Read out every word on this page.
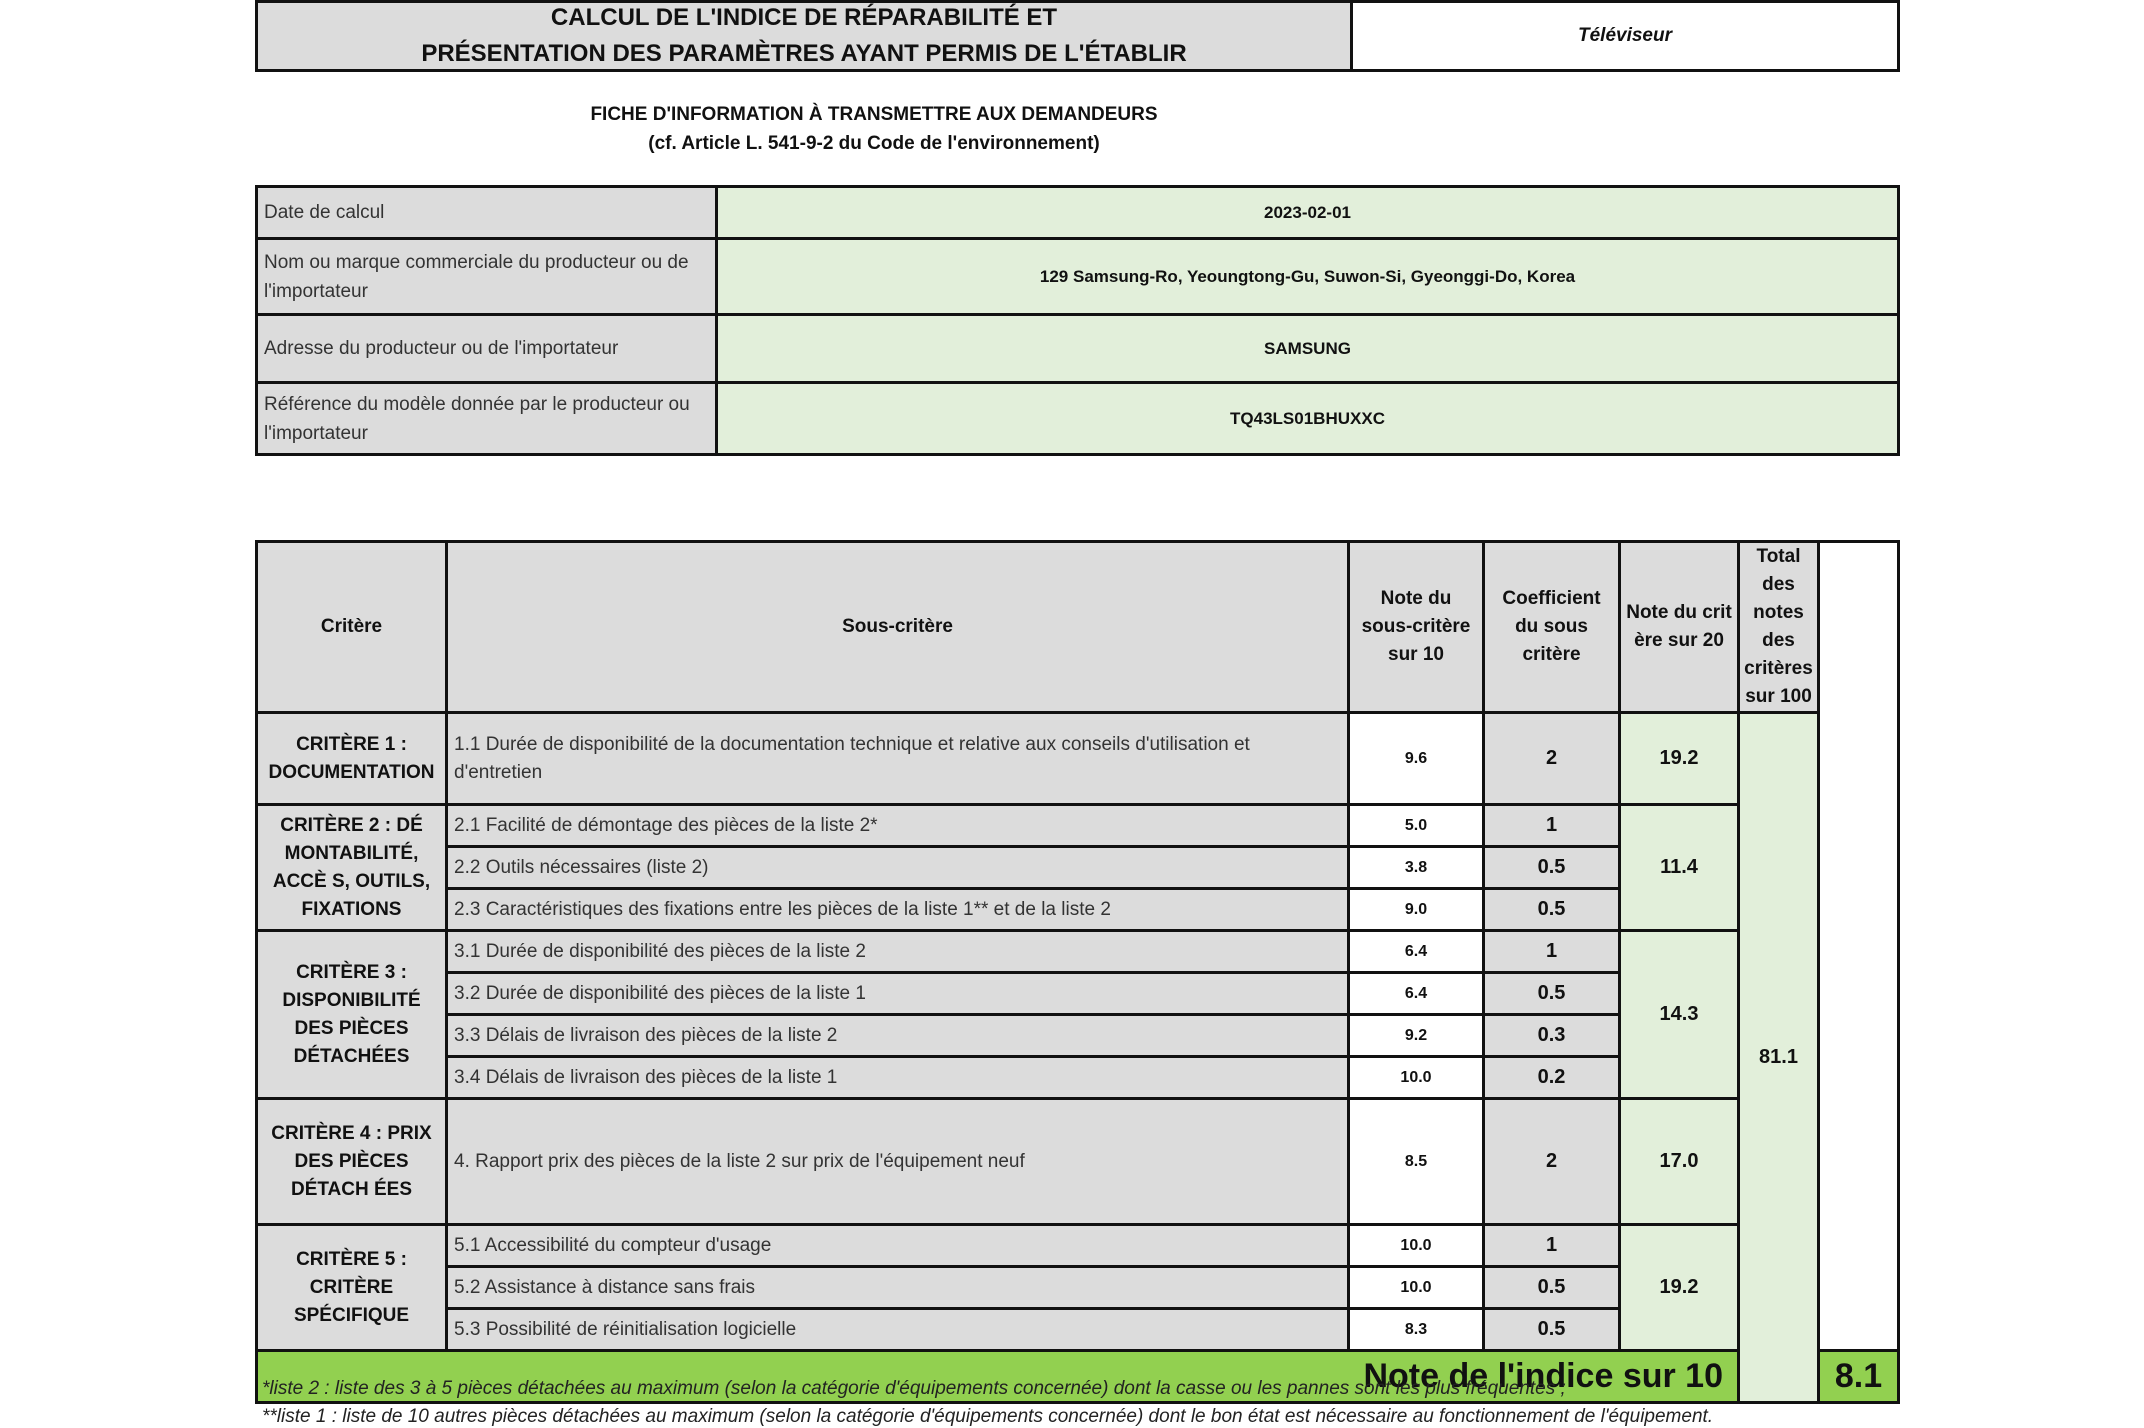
CALCUL DE L'INDICE DE RÉPARABILITÉ ET
PRÉSENTATION DES PARAMÈTRES AYANT PERMIS DE L'ÉTABLIR
Téléviseur
FICHE D'INFORMATION À TRANSMETTRE AUX DEMANDEURS
(cf. Article L. 541-9-2 du Code de l'environnement)
Date de calcul	2023-02-01
Nom ou marque commerciale du producteur ou de l'importateur	129 Samsung-Ro, Yeoungtong-Gu, Suwon-Si, Gyeonggi-Do, Korea
Adresse du producteur ou de l'importateur	SAMSUNG
Référence du modèle donnée par le producteur ou l'importateur	TQ43LS01BHUXXC
Critère	Sous-critère	Note du sous-critère sur 10	Coefficient du sous critère	Note du crit ère sur 20	Total des notes des critères sur 100	
CRITÈRE 1 : DOCUMENTATION	1.1 Durée de disponibilité de la documentation technique et relative aux conseils d'utilisation et d'entretien	9.6	2	19.2	81.1	
CRITÈRE 2 : DÉ MONTABILITÉ, ACCÈ S, OUTILS, FIXATIONS	2.1 Facilité de démontage des pièces de la liste 2*	5.0	1	11.4		
	2.2 Outils nécessaires (liste 2)	3.8	0.5			
	2.3 Caractéristiques des fixations entre les pièces de la liste 1** et de la liste 2	9.0	0.5			
CRITÈRE 3 : DISPONIBILITÉ DES PIÈCES DÉTACHÉES	3.1 Durée de disponibilité des pièces de la liste 2	6.4	1	14.3		
	3.2 Durée de disponibilité des pièces de la liste 1	6.4	0.5			
	3.3 Délais de livraison des pièces de la liste 2	9.2	0.3			
	3.4 Délais de livraison des pièces de la liste 1	10.0	0.2			
CRITÈRE 4 : PRIX DES PIÈCES DÉTACH ÉES	4. Rapport prix des pièces de la liste 2 sur prix de l'équipement neuf	8.5	2	17.0		
CRITÈRE 5 : CRITÈRE SPÉCIFIQUE	5.1 Accessibilité du compteur d'usage	10.0	1	19.2		
	5.2 Assistance à distance sans frais	10.0	0.5			
	5.3 Possibilité de réinitialisation logicielle	8.3	0.5			
Note de l'indice sur 10						8.1
*liste 2 : liste des 3 à 5 pièces détachées au maximum (selon la catégorie d'équipements concernée) dont la casse ou les pannes sont les plus fréquentes ;
**liste 1 : liste de 10 autres pièces détachées au maximum (selon la catégorie d'équipements concernée) dont le bon état est nécessaire au fonctionnement de l'équipement.
